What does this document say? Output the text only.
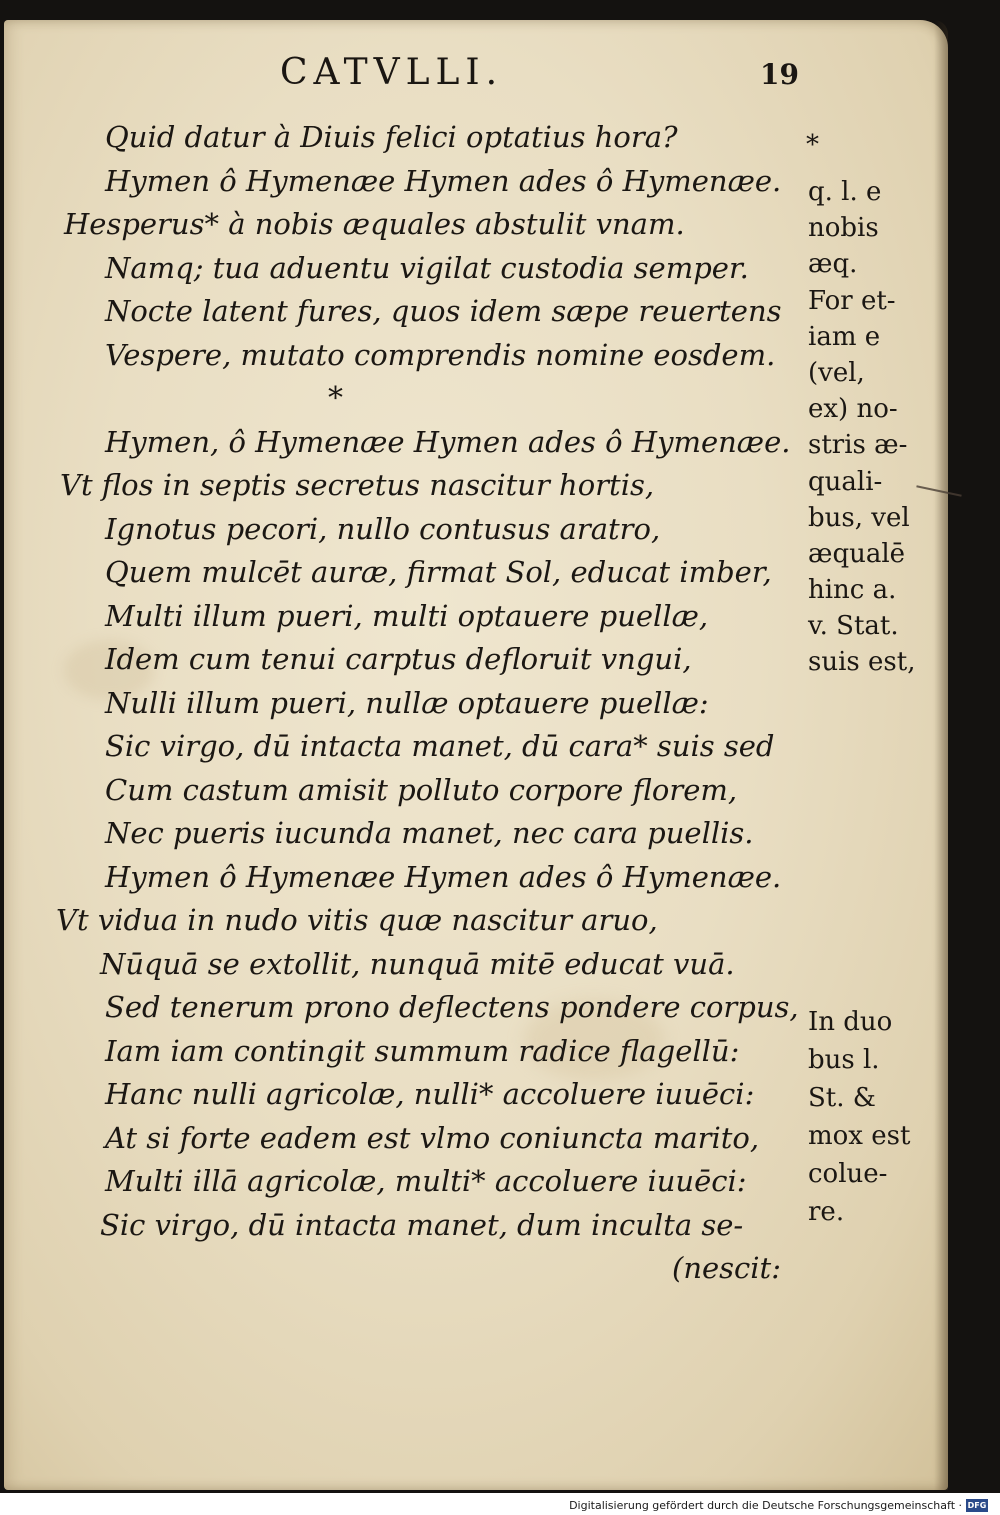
CATVLLI.	19
Quid datur à Diuis felici optatius hora?
Hymen ô Hymenæe Hymen ades ô Hymenæe.
Hesperus* à nobis æquales abstulit vnam.
Namq; tua aduentu vigilat custodia semper.
Nocte latent fures, quos idem sæpe reuertens
Vespere, mutato comprendis nomine eosdem.
*
Hymen, ô Hymenæe Hymen ades ô Hymenæe.
Vt flos in septis secretus nascitur hortis,
Ignotus pecori, nullo contusus aratro,
Quem mulcēt auræ, firmat Sol, educat imber,
Multi illum pueri, multi optauere puellæ,
Idem cum tenui carptus defloruit vngui,
Nulli illum pueri, nullæ optauere puellæ:
Sic virgo, dū intacta manet, dū cara* suis sed
Cum castum amisit polluto corpore florem,
Nec pueris iucunda manet, nec cara puellis.
Hymen ô Hymenæe Hymen ades ô Hymenæe.
Vt vidua in nudo vitis quæ nascitur aruo,
Nūquā se extollit, nunquā mitē educat vuā.
Sed tenerum prono deflectens pondere corpus,
Iam iam contingit summum radice flagellū:
Hanc nulli agricolæ, nulli* accoluere iuuēci:
At si forte eadem est vlmo coniuncta marito,
Multi illā agricolæ, multi* accoluere iuuēci:
Sic virgo, dū intacta manet, dum inculta se-
(nescit:
*
q. l. e
nobis
æq.
For et-
iam e
(vel,
ex) no-
stris æ-
quali-
bus, vel
æqualē
hinc a.
v. Stat.
suis est,
In duo
bus l.
St. &
mox est
colue-
re.
Digitalisierung gefördert durch die Deutsche Forschungsgemeinschaft · DFG
